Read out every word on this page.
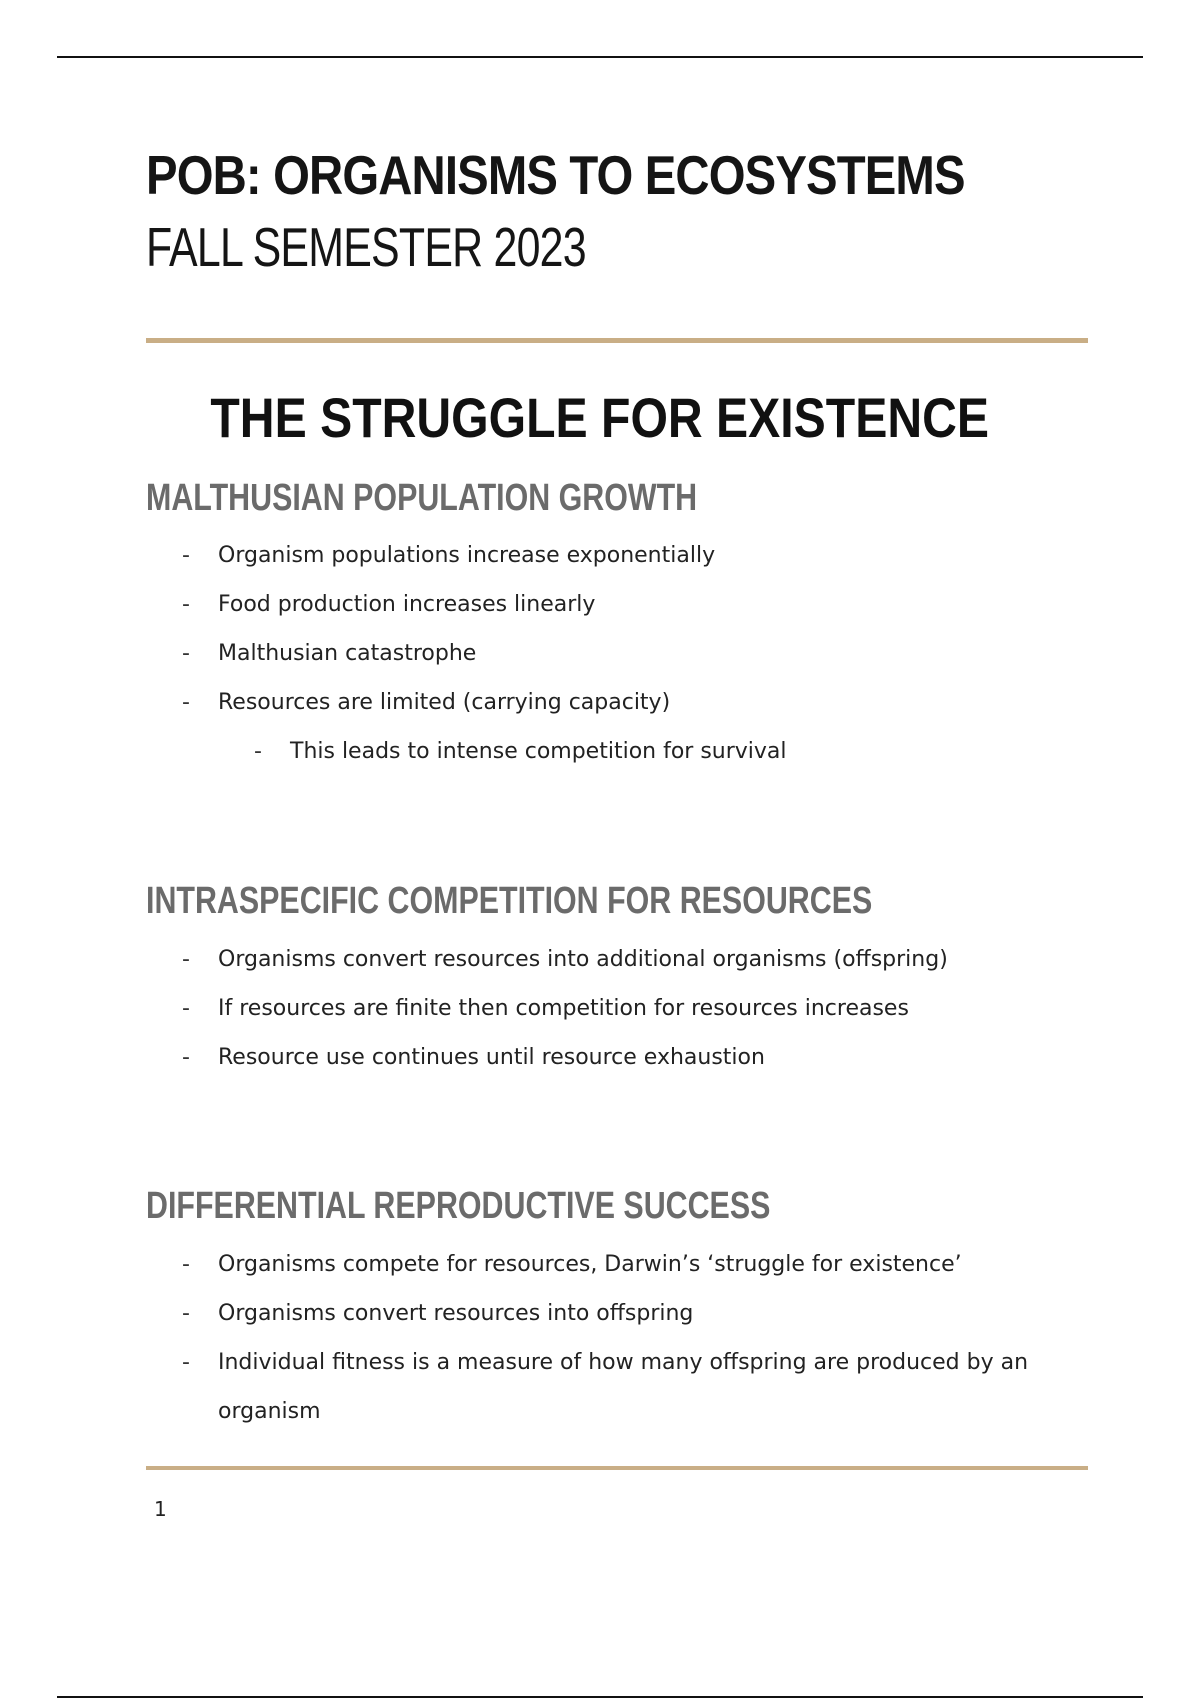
POB: ORGANISMS TO ECOSYSTEMS
FALL SEMESTER 2023
THE STRUGGLE FOR EXISTENCE
MALTHUSIAN POPULATION GROWTH
- Organism populations increase exponentially
- Food production increases linearly
- Malthusian catastrophe
- Resources are limited (carrying capacity)
- This leads to intense competition for survival
INTRASPECIFIC COMPETITION FOR RESOURCES
- Organisms convert resources into additional organisms (offspring)
- If resources are finite then competition for resources increases
- Resource use continues until resource exhaustion
DIFFERENTIAL REPRODUCTIVE SUCCESS
- Organisms compete for resources, Darwin’s ‘struggle for existence’
- Organisms convert resources into offspring
- Individual fitness is a measure of how many offspring are produced by an organism
1
